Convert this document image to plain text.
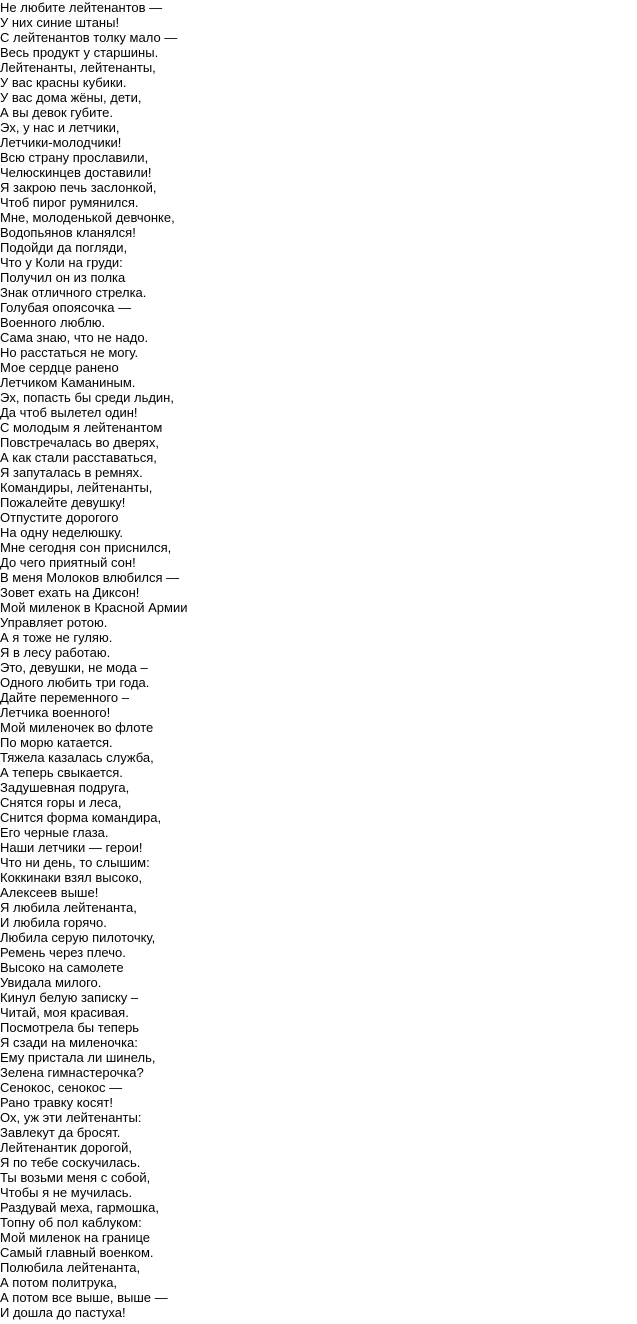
Не любите лейтенантов —
У них синие штаны!
С лейтенантов толку мало —
Весь продукт у старшины.
Лейтенанты, лейтенанты,
У вас красны кубики.
У вас дома жёны, дети,
А вы девок губите.
Эх, у нас и летчики,
Летчики-молодчики!
Всю страну прославили,
Челюскинцев доставили!
Я закрою печь заслонкой,
Чтоб пирог румянился.
Мне, молоденькой девчонке,
Водопьянов кланялся!
Подойди да погляди,
Что у Коли на груди:
Получил он из полка
Знак отличного стрелка.
Голубая опоясочка —
Военного люблю.
Сама знаю, что не надо.
Но расстаться не могу.
Мое сердце ранено
Летчиком Каманиным.
Эх, попасть бы среди льдин,
Да чтоб вылетел один!
С молодым я лейтенантом
Повстречалась во дверях,
А как стали расставаться,
Я запуталась в ремнях.
Командиры, лейтенанты,
Пожалейте девушку!
Отпустите дорогого
На одну неделюшку.
Мне сегодня сон приснился,
До чего приятный сон!
В меня Молоков влюбился —
Зовет ехать на Диксон!
Мой миленок в Красной Армии
Управляет ротою.
А я тоже не гуляю.
Я в лесу работаю.
Это, девушки, не мода –
Одного любить три года.
Дайте переменного –
Летчика военного!
Мой миленочек во флоте
По морю катается.
Тяжела казалась служба,
А теперь свыкается.
Задушевная подруга,
Снятся горы и леса,
Снится форма командира,
Его черные глаза.
Наши летчики — герои!
Что ни день, то слышим:
Коккинаки взял высоко,
Алексеев выше!
Я любила лейтенанта,
И любила горячо.
Любила серую пилоточку,
Ремень через плечо.
Высоко на самолете
Увидала милого.
Кинул белую записку –
Читай, моя красивая.
Посмотрела бы теперь
Я сзади на миленочка:
Ему пристала ли шинель,
Зелена гимнастерочка?
Сенокос, сенокос —
Рано травку косят!
Ох, уж эти лейтенанты:
Завлекут да бросят.
Лейтенантик дорогой,
Я по тебе соскучилась.
Ты возьми меня с собой,
Чтобы я не мучилась.
Раздувай меха, гармошка,
Топну об пол каблуком:
Мой миленок на границе
Самый главный военком.
Полюбила лейтенанта,
А потом политрука,
А потом все выше, выше —
И дошла до пастуха!
